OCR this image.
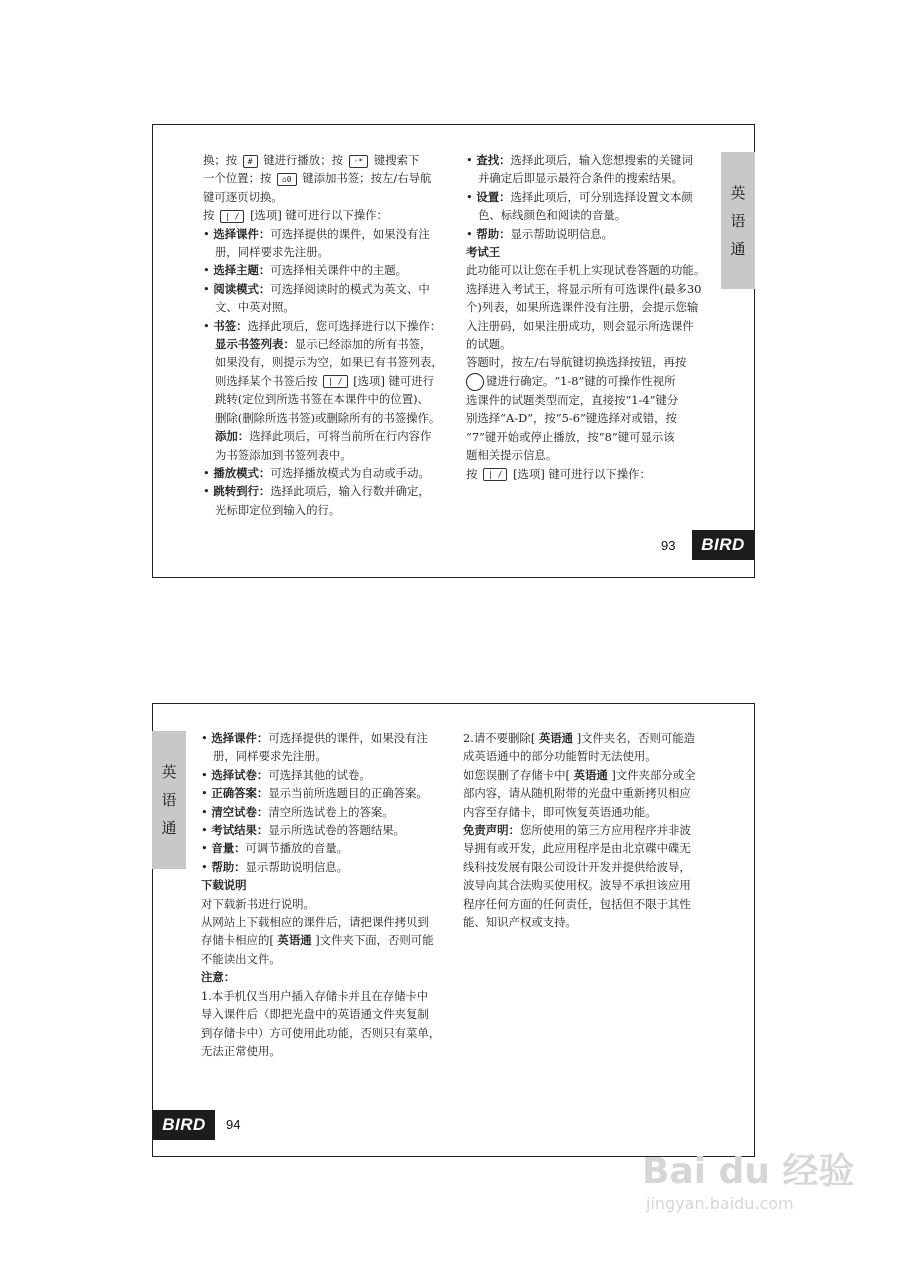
换；按 # 键进行播放；按 ◦* 键搜索下
一个位置；按 ⌂0 键添加书签；按左/右导航
键可逐页切换。
按 | / [选项] 键可进行以下操作：
• 选择课件：可选择提供的课件，如果没有注
册，同样要求先注册。
• 选择主题：可选择相关课件中的主题。
• 阅读模式：可选择阅读时的模式为英文、中
文、中英对照。
• 书签：选择此项后，您可选择进行以下操作：
显示书签列表：显示已经添加的所有书签，
如果没有，则提示为空，如果已有书签列表，
则选择某个书签后按 | / [选项] 键可进行
跳转(定位到所选书签在本课件中的位置)、
删除(删除所选书签)或删除所有的书签操作。
添加：选择此项后，可将当前所在行内容作
为书签添加到书签列表中。
• 播放模式：可选择播放模式为自动或手动。
• 跳转到行：选择此项后，输入行数并确定，
光标即定位到输入的行。
• 查找：选择此项后，输入您想搜索的关键词
并确定后即显示最符合条件的搜索结果。
• 设置：选择此项后，可分别选择设置文本颜
色、标线颜色和阅读的音量。
• 帮助：显示帮助说明信息。
考试王
此功能可以让您在手机上实现试卷答题的功能。
选择进入考试王，将显示所有可选课件(最多30
个)列表，如果所选课件没有注册，会提示您输
入注册码，如果注册成功，则会显示所选课件
的试题。
答题时，按左/右导航键切换选择按钮，再按
键进行确定。“1-8”键的可操作性视所
选课件的试题类型而定，直接按“1-4”键分
别选择“A-D”，按“5-6”键选择对或错，按
“7”键开始或停止播放，按“8”键可显示该
题相关提示信息。
按 | / [选项] 键可进行以下操作：
英
语
通
93	BIRD
英
语
通
• 选择课件：可选择提供的课件，如果没有注
册，同样要求先注册。
• 选择试卷：可选择其他的试卷。
• 正确答案：显示当前所选题目的正确答案。
• 清空试卷：清空所选试卷上的答案。
• 考试结果：显示所选试卷的答题结果。
• 音量：可调节播放的音量。
• 帮助：显示帮助说明信息。
下载说明
对下载新书进行说明。
从网站上下载相应的课件后，请把课件拷贝到
存储卡相应的[ 英语通 ]文件夹下面，否则可能
不能读出文件。
注意：
1.本手机仅当用户插入存储卡并且在存储卡中
导入课件后（即把光盘中的英语通文件夹复制
到存储卡中）方可使用此功能，否则只有菜单，
无法正常使用。
2.请不要删除[ 英语通 ]文件夹名，否则可能造
成英语通中的部分功能暂时无法使用。
如您误删了存储卡中[ 英语通 ]文件夹部分或全
部内容，请从随机附带的光盘中重新拷贝相应
内容至存储卡，即可恢复英语通功能。
免责声明：您所使用的第三方应用程序并非波
导拥有或开发，此应用程序是由北京碟中碟无
线科技发展有限公司设计开发并提供给波导，
波导向其合法购买使用权。波导不承担该应用
程序任何方面的任何责任，包括但不限于其性
能、知识产权或支持。
BIRD	94
Bai du 经验
jingyan.baidu.com
